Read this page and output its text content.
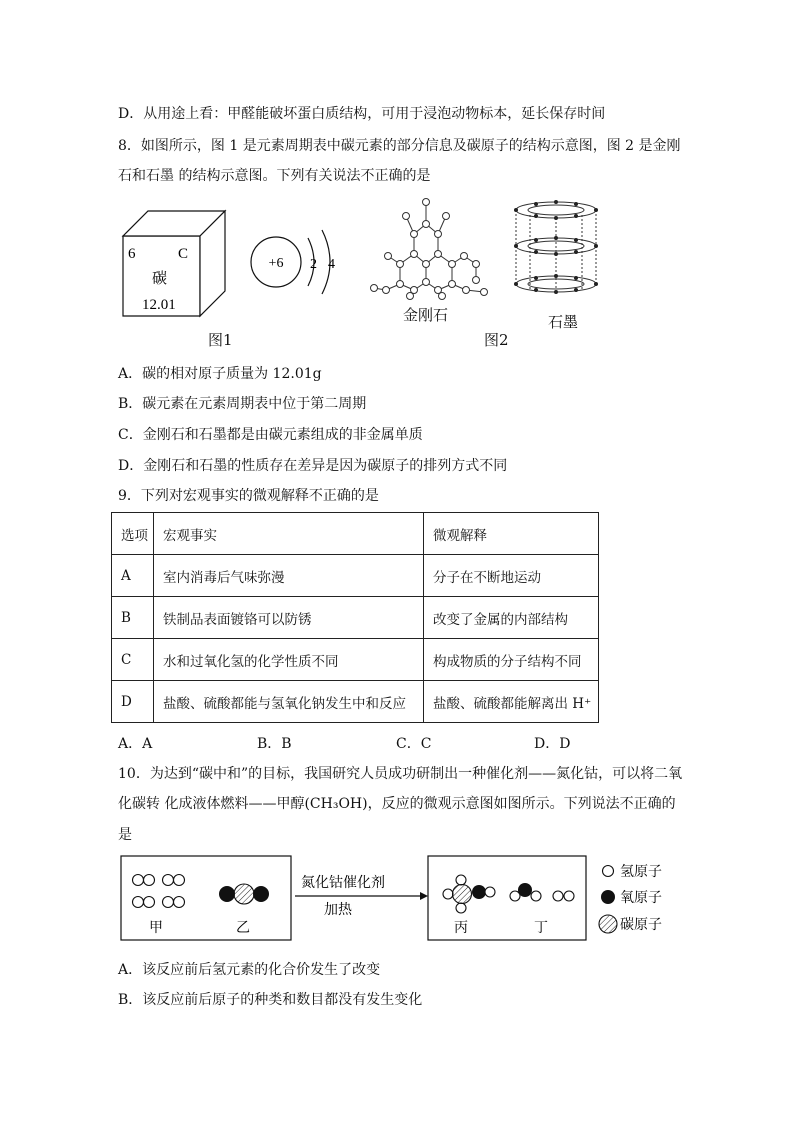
D．从用途上看：甲醛能破坏蛋白质结构，可用于浸泡动物标本，延长保存时间
8．如图所示，图 1 是元素周期表中碳元素的部分信息及碳原子的结构示意图，图 2 是金刚
石和石墨 的结构示意图。下列有关说法不正确的是
6	C
碳
12.01
+6 2 4
金刚石	石墨
图1	图2
A．碳的相对原子质量为 12.01g
B．碳元素在元素周期表中位于第二周期
C．金刚石和石墨都是由碳元素组成的非金属单质
D．金刚石和石墨的性质存在差异是因为碳原子的排列方式不同
9．下列对宏观事实的微观解释不正确的是
选项	宏观事实	微观解释
A	室内消毒后气味弥漫	分子在不断地运动
B	铁制品表面镀铬可以防锈	改变了金属的内部结构
C	水和过氧化氢的化学性质不同	构成物质的分子结构不同
D	盐酸、硫酸都能与氢氧化钠发生中和反应	盐酸、硫酸都能解离出 H⁺
A．A	B．B	C．C	D．D
10．为达到“碳中和”的目标，我国研究人员成功研制出一种催化剂——氮化钴，可以将二氧
化碳转 化成液体燃料——甲醇(CH₃OH)，反应的微观示意图如图所示。下列说法不正确的
是
甲	乙
氮化钴催化剂
加热
丙	丁
氢原子
氧原子
碳原子
A．该反应前后氢元素的化合价发生了改变
B．该反应前后原子的种类和数目都没有发生变化
